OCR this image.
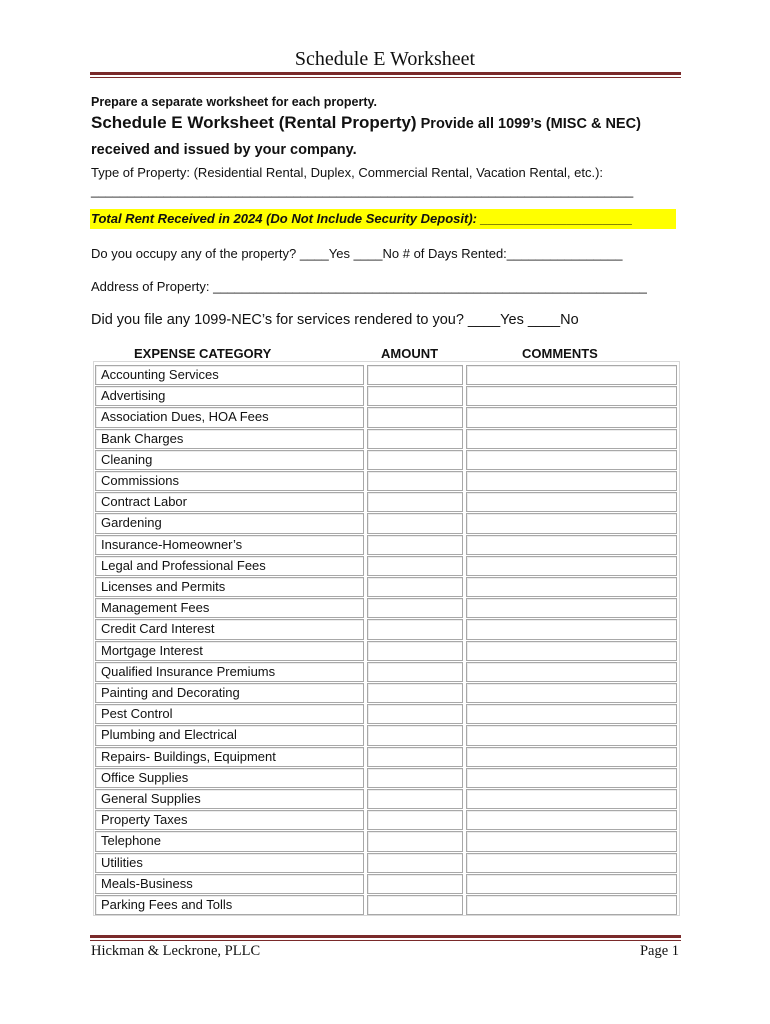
Schedule E Worksheet
Prepare a separate worksheet for each property.
Schedule E Worksheet (Rental Property) Provide all 1099’s (MISC & NEC)
received and issued by your company.
Type of Property: (Residential Rental, Duplex, Commercial Rental, Vacation Rental, etc.):
___________________________________________________________________________
Total Rent Received in 2024 (Do Not Include Security Deposit): _____________________
Do you occupy any of the property? ____Yes ____No # of Days Rented:________________
Address of Property: ____________________________________________________________
Did you file any 1099-NEC’s for services rendered to you? ____Yes ____No
EXPENSE CATEGORY	AMOUNT	COMMENTS
Accounting Services
Advertising
Association Dues, HOA Fees
Bank Charges
Cleaning
Commissions
Contract Labor
Gardening
Insurance-Homeowner’s
Legal and Professional Fees
Licenses and Permits
Management Fees
Credit Card Interest
Mortgage Interest
Qualified Insurance Premiums
Painting and Decorating
Pest Control
Plumbing and Electrical
Repairs- Buildings, Equipment
Office Supplies
General Supplies
Property Taxes
Telephone
Utilities
Meals-Business
Parking Fees and Tolls
Hickman & Leckrone, PLLC	Page 1
